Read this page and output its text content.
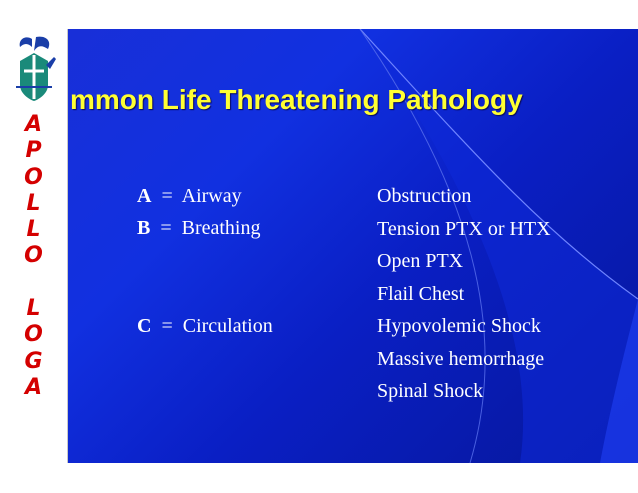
A
P
O
L
L
O
L
O
G
A
mmon Life Threatening Pathology
A = Airway
B = Breathing
C = Circulation
Obstruction
Tension PTX or HTX
Open PTX
Flail Chest
Hypovolemic Shock
Massive hemorrhage
Spinal Shock
